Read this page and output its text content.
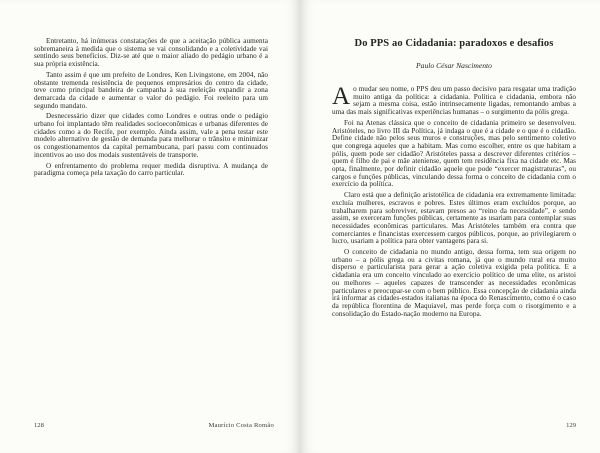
Entretanto, há inúmeras constatações de que a aceitação pública aumenta sobremaneira à medida que o sistema se vai consolidando e a coletividade vai sentindo seus benefícios. Diz-se até que o maior aliado do pedágio urbano é a sua própria existência.

Tanto assim é que um prefeito de Londres, Ken Livingstone, em 2004, não obstante tremenda resistência de pequenos empresários do centro da cidade, teve como principal bandeira de campanha à sua reeleição expandir a zona demarcada da cidade e aumentar o valor do pedágio. Foi reeleito para um segundo mandato.

Desnecessário dizer que cidades como Londres e outras onde o pedágio urbano foi implantado têm realidades socioeconômicas e urbanas diferentes de cidades como a do Recife, por exemplo. Ainda assim, vale a pena testar este modelo alternativo de gestão de demanda para melhorar o trânsito e minimizar os congestionamentos da capital pernambucana, pari passu com continuados incentivos ao uso dos modais sustentáveis de transporte.

O enfrentamento do problema requer medida disruptiva. A mudança de paradigma começa pela taxação do carro particular.

128	Maurício Costa Romão
Do PPS ao Cidadania: paradoxos e desafios
Paulo César Nascimento

Ao mudar seu nome, o PPS deu um passo decisivo para resgatar uma tradição muito antiga da política: a cidadania. Política e cidadania, embora não sejam a mesma coisa, estão intrinsecamente ligadas, remontando ambas a uma das mais significativas experiências humanas – o surgimento da pólis grega.

Foi na Atenas clássica que o conceito de cidadania primeiro se desenvolveu. Aristóteles, no livro III da Política, já indaga o que é a cidade e o que é o cidadão. Define cidade não pelos seus muros e construções, mas pelo sentimento coletivo que congrega aqueles que a habitam. Mas como escolher, entre os que habitam a pólis, quem pode ser cidadão? Aristóteles passa a descrever diferentes critérios – quem é filho de pai e mãe ateniense, quem tem residência fixa na cidade etc. Mas opta, finalmente, por definir cidadão aquele que pode “exercer magistraturas”, ou cargos e funções públicas, vinculando dessa forma o conceito de cidadania com o exercício da política.

Claro está que a definição aristotélica de cidadania era extremamente limitada: excluía mulheres, escravos e pobres. Estes últimos eram excluídos porque, ao trabalharem para sobreviver, estavam presos ao “reino da necessidade”, e sendo assim, se exerceram funções públicas, certamente as usariam para contemplar suas necessidades econômicas particulares. Mas Aristóteles também era contra que comerciantes e financistas exercessem cargos públicos, porque, ao privilegiarem o lucro, usariam a política para obter vantagens para si.

O conceito de cidadania no mundo antigo, dessa forma, tem sua origem no urbano – a pólis grega ou a civitas romana, já que o mundo rural era muito disperso e particularista para gerar a ação coletiva exigida pela política. E a cidadania era um conceito vinculado ao exercício político de uma elite, os aristoi ou melhores – aqueles capazes de transcender as necessidades econômicas particulares e preocupar-se com o bem público. Essa concepção de cidadania ainda irá informar as cidades-estados italianas na época do Renascimento, como é o caso da república florentina de Maquiavel, mas perde força com o risorgimento e a consolidação do Estado-nação moderno na Europa.

129
